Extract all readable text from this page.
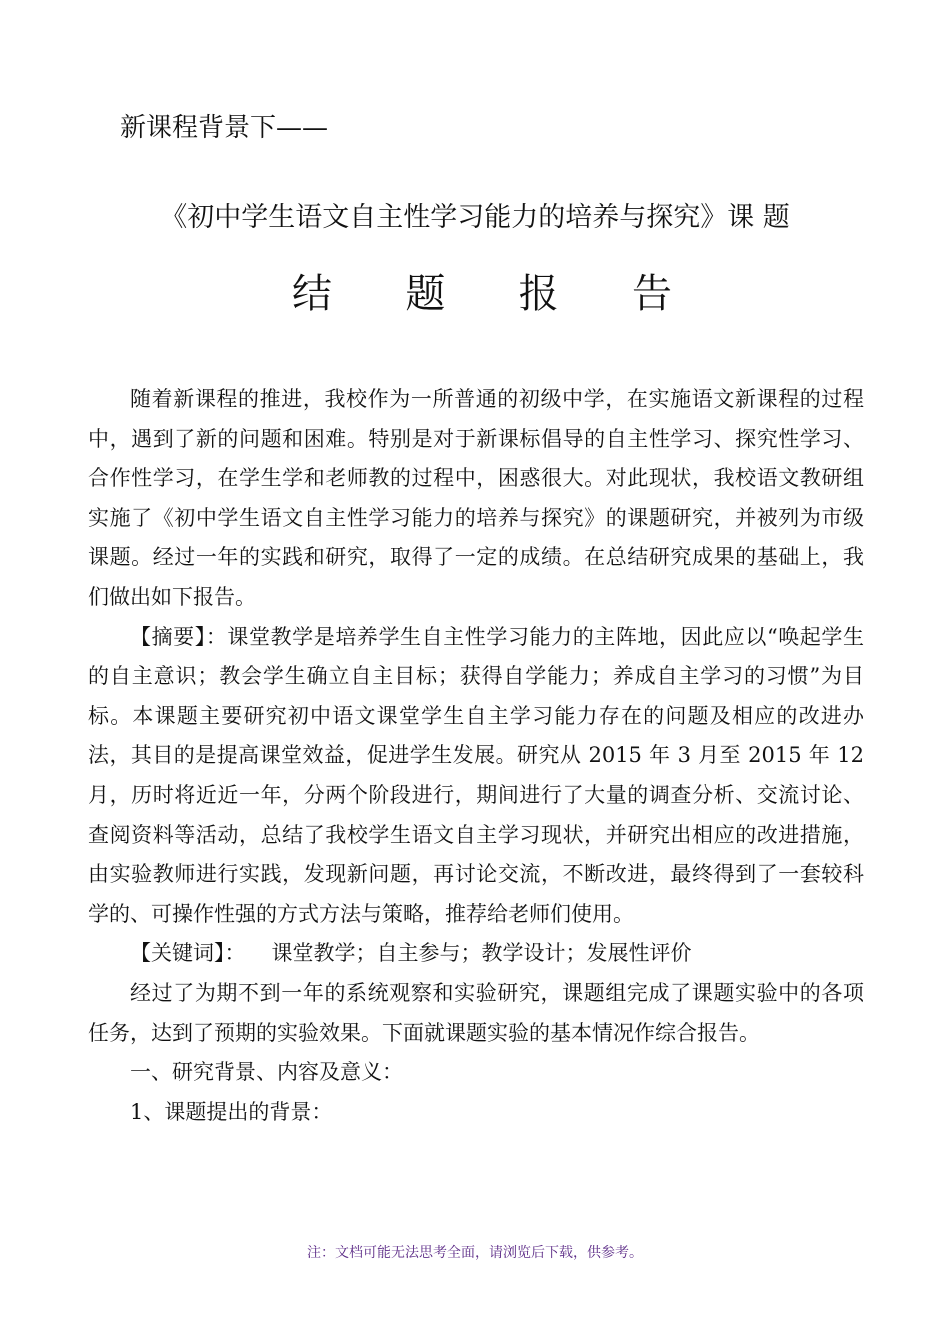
新课程背景下——
《初中学生语文自主性学习能力的培养与探究》课 题
结 题 报 告

随着新课程的推进，我校作为一所普通的初级中学，在实施语文新课程的过程中，遇到了新的问题和困难。特别是对于新课标倡导的自主性学习、探究性学习、合作性学习，在学生学和老师教的过程中，困惑很大。对此现状，我校语文教研组实施了《初中学生语文自主性学习能力的培养与探究》的课题研究，并被列为市级课题。经过一年的实践和研究，取得了一定的成绩。在总结研究成果的基础上，我们做出如下报告。

【摘要】：课堂教学是培养学生自主性学习能力的主阵地，因此应以“唤起学生的自主意识；教会学生确立自主目标；获得自学能力；养成自主学习的习惯”为目标。本课题主要研究初中语文课堂学生自主学习能力存在的问题及相应的改进办法，其目的是提高课堂效益，促进学生发展。研究从 2015 年 3 月至 2015 年 12 月，历时将近近一年，分两个阶段进行，期间进行了大量的调查分析、交流讨论、查阅资料等活动，总结了我校学生语文自主学习现状，并研究出相应的改进措施，由实验教师进行实践，发现新问题，再讨论交流，不断改进，最终得到了一套较科学的、可操作性强的方式方法与策略，推荐给老师们使用。

【关键词】： 课堂教学；自主参与；教学设计；发展性评价

经过了为期不到一年的系统观察和实验研究，课题组完成了课题实验中的各项任务，达到了预期的实验效果。下面就课题实验的基本情况作综合报告。

一、研究背景、内容及意义：

1、课题提出的背景：

注：文档可能无法思考全面，请浏览后下载，供参考。
